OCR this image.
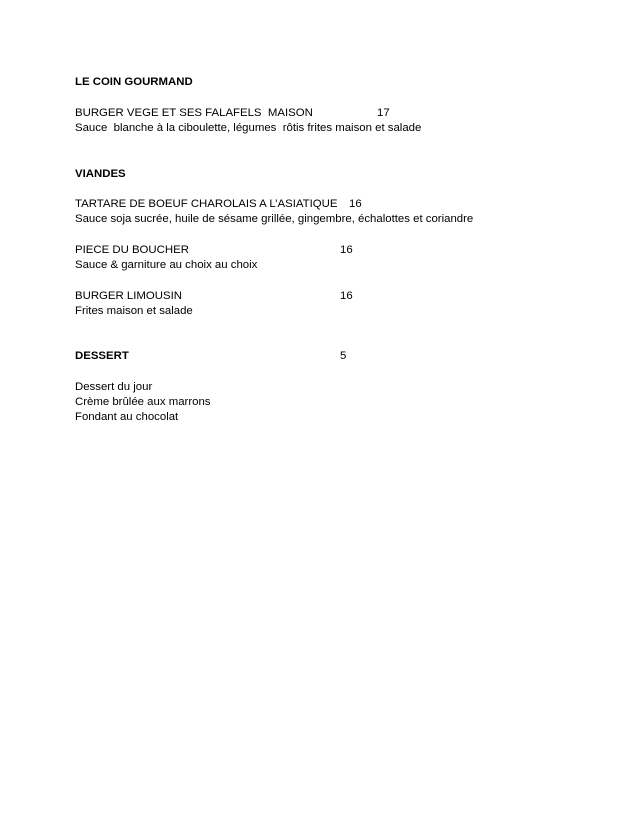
LE COIN GOURMAND

BURGER VEGE ET SES FALAFELS  MAISON	17

Sauce  blanche à la ciboulette, légumes  rôtis frites maison et salade

VIANDES

TARTARE DE BOEUF CHAROLAIS A L’ASIATIQUE 16

Sauce soja sucrée, huile de sésame grillée, gingembre, échalottes et coriandre

PIECE DU BOUCHER	16

Sauce & garniture au choix au choix

BURGER LIMOUSIN	16

Frites maison et salade

DESSERT	5

Dessert du jour

Crème brûlée aux marrons

Fondant au chocolat
